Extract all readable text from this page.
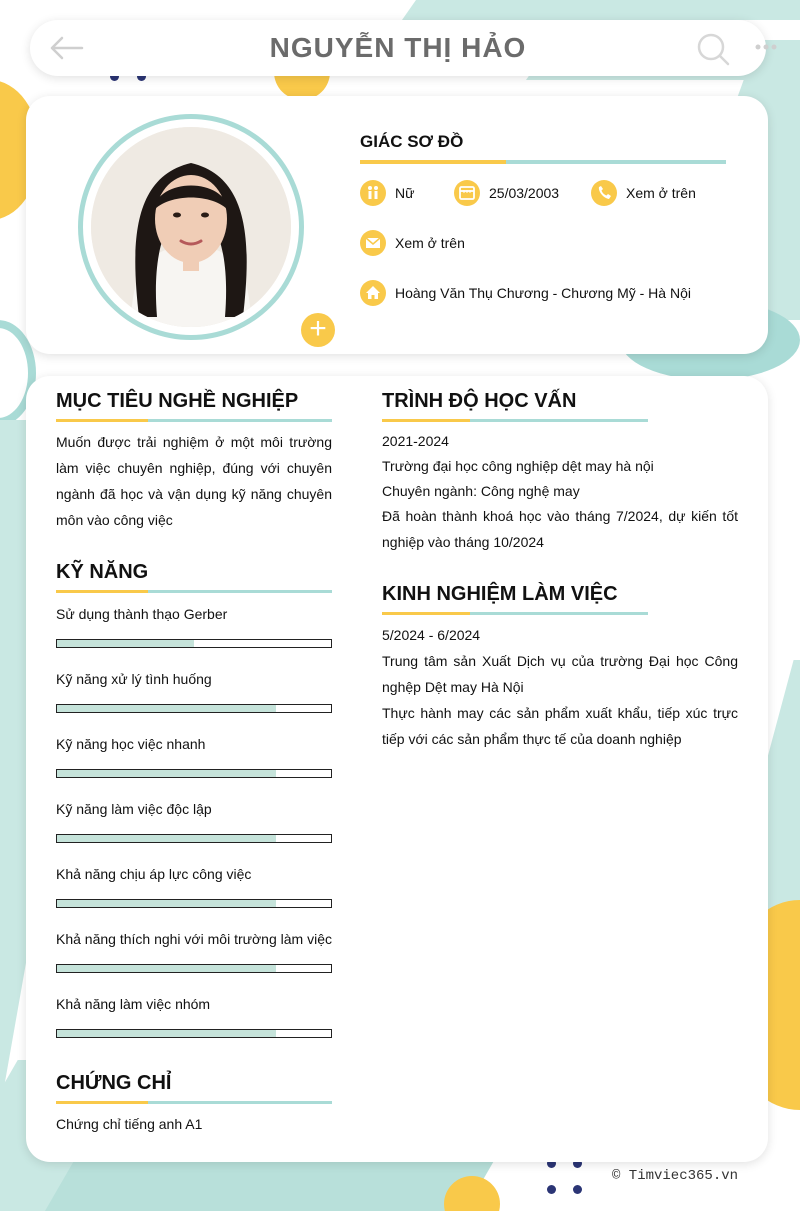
NGUYỄN THỊ HẢO
+
GIÁC SƠ ĐỒ
Nữ	25/03/2003	Xem ở trên
Xem ở trên
Hoàng Văn Thụ Chương - Chương Mỹ - Hà Nội
MỤC TIÊU NGHỀ NGHIỆP
Muốn được trải nghiệm ở một môi trường làm việc chuyên nghiệp, đúng với chuyên ngành đã học và vận dụng kỹ năng chuyên môn vào công việc
KỸ NĂNG
Sử dụng thành thạo Gerber
Kỹ năng xử lý tình huống
Kỹ năng học việc nhanh
Kỹ năng làm việc độc lập
Khả năng chịu áp lực công việc
Khả năng thích nghi với môi trường làm việc
Khả năng làm việc nhóm
CHỨNG CHỈ
Chứng chỉ tiếng anh A1
TRÌNH ĐỘ HỌC VẤN
2021-2024
Trường đại học công nghiệp dệt may hà nội
Chuyên ngành: Công nghệ may
Đã hoàn thành khoá học vào tháng 7/2024, dự kiến tốt nghiệp vào tháng 10/2024
KINH NGHIỆM LÀM VIỆC
5/2024 - 6/2024
Trung tâm sản Xuất Dịch vụ của trường Đại học Công nghệp Dệt may Hà Nội
Thực hành may các sản phẩm xuất khẩu, tiếp xúc trực tiếp với các sản phẩm thực tế của doanh nghiệp
© Timviec365.vn
